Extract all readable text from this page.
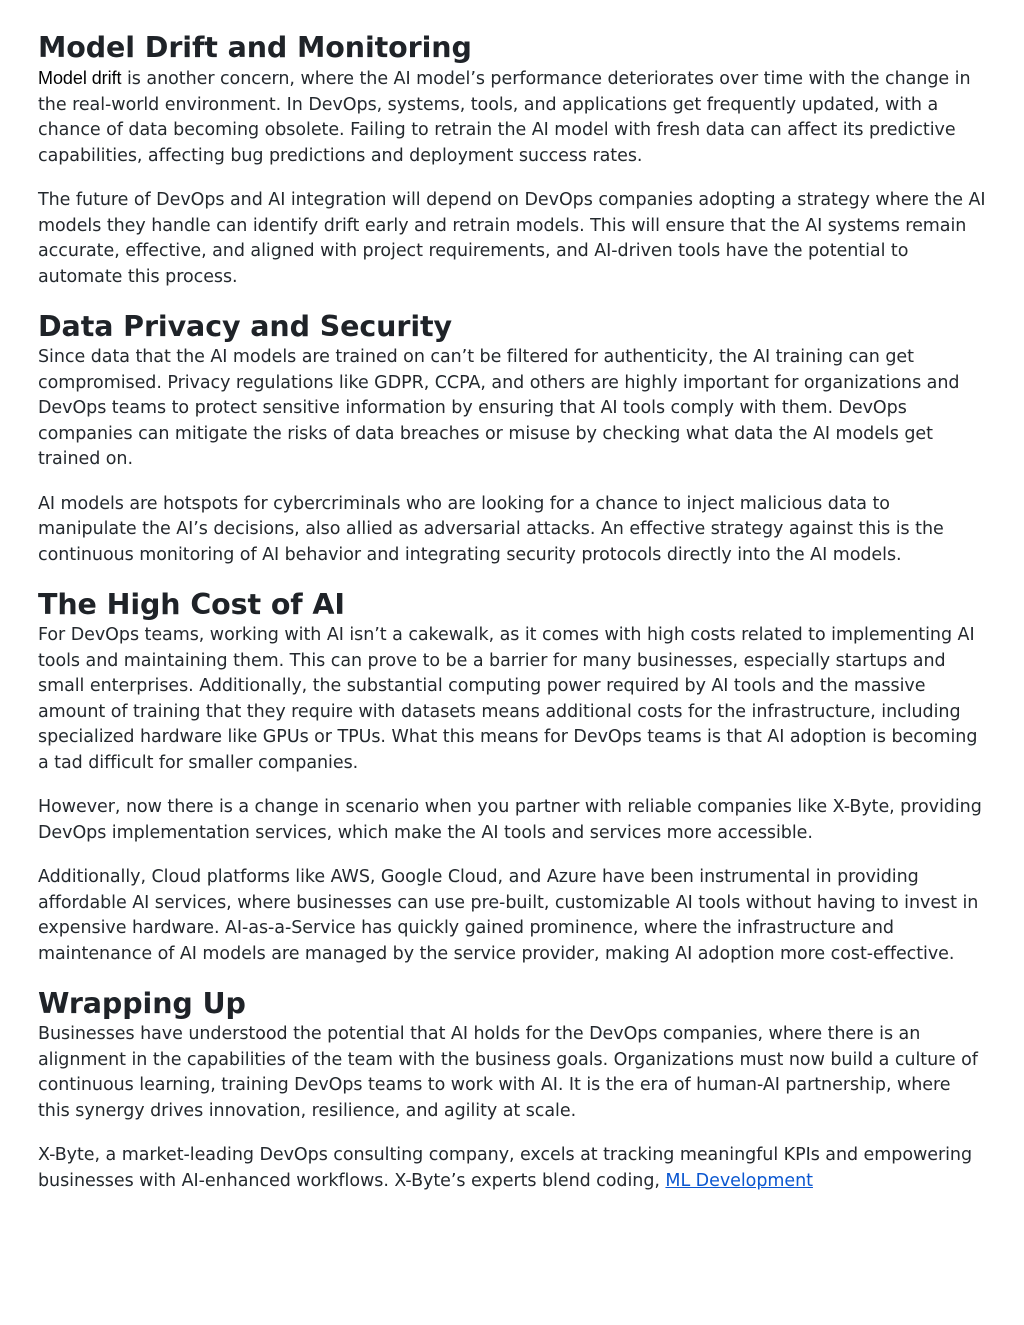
Model Drift and Monitoring

Model drift is another concern, where the AI model’s performance deteriorates over time with the change in the real-world environment. In DevOps, systems, tools, and applications get frequently updated, with a chance of data becoming obsolete. Failing to retrain the AI model with fresh data can affect its predictive capabilities, affecting bug predictions and deployment success rates.

The future of DevOps and AI integration will depend on DevOps companies adopting a strategy where the AI models they handle can identify drift early and retrain models. This will ensure that the AI systems remain accurate, effective, and aligned with project requirements, and AI-driven tools have the potential to automate this process.

Data Privacy and Security

Since data that the AI models are trained on can’t be filtered for authenticity, the AI training can get compromised. Privacy regulations like GDPR, CCPA, and others are highly important for organizations and DevOps teams to protect sensitive information by ensuring that AI tools comply with them. DevOps companies can mitigate the risks of data breaches or misuse by checking what data the AI models get trained on.

AI models are hotspots for cybercriminals who are looking for a chance to inject malicious data to manipulate the AI’s decisions, also allied as adversarial attacks. An effective strategy against this is the continuous monitoring of AI behavior and integrating security protocols directly into the AI models.

The High Cost of AI

For DevOps teams, working with AI isn’t a cakewalk, as it comes with high costs related to implementing AI tools and maintaining them. This can prove to be a barrier for many businesses, especially startups and small enterprises. Additionally, the substantial computing power required by AI tools and the massive amount of training that they require with datasets means additional costs for the infrastructure, including specialized hardware like GPUs or TPUs. What this means for DevOps teams is that AI adoption is becoming a tad difficult for smaller companies.

However, now there is a change in scenario when you partner with reliable companies like X-Byte, providing DevOps implementation services, which make the AI tools and services more accessible.

Additionally, Cloud platforms like AWS, Google Cloud, and Azure have been instrumental in providing affordable AI services, where businesses can use pre-built, customizable AI tools without having to invest in expensive hardware. AI-as-a-Service has quickly gained prominence, where the infrastructure and maintenance of AI models are managed by the service provider, making AI adoption more cost-effective.

Wrapping Up

Businesses have understood the potential that AI holds for the DevOps companies, where there is an alignment in the capabilities of the team with the business goals. Organizations must now build a culture of continuous learning, training DevOps teams to work with AI. It is the era of human-AI partnership, where this synergy drives innovation, resilience, and agility at scale.

X-Byte, a market-leading DevOps consulting company, excels at tracking meaningful KPIs and empowering businesses with AI-enhanced workflows. X-Byte’s experts blend coding, ML Development
